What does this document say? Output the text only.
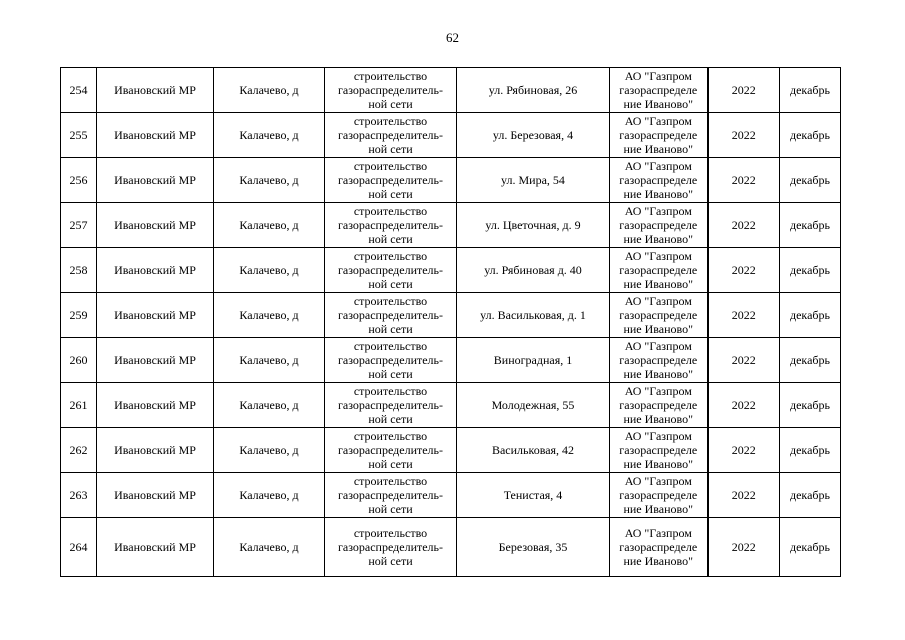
62
254	Ивановский МР	Калачево, д	строительство
газораспределитель-
ной сети	ул. Рябиновая, 26	АО "Газпром
газораспределе
ние Иваново"	2022	декабрь
255	Ивановский МР	Калачево, д	строительство
газораспределитель-
ной сети	ул. Березовая, 4	АО "Газпром
газораспределе
ние Иваново"	2022	декабрь
256	Ивановский МР	Калачево, д	строительство
газораспределитель-
ной сети	ул. Мира, 54	АО "Газпром
газораспределе
ние Иваново"	2022	декабрь
257	Ивановский МР	Калачево, д	строительство
газораспределитель-
ной сети	ул. Цветочная, д. 9	АО "Газпром
газораспределе
ние Иваново"	2022	декабрь
258	Ивановский МР	Калачево, д	строительство
газораспределитель-
ной сети	ул. Рябиновая д. 40	АО "Газпром
газораспределе
ние Иваново"	2022	декабрь
259	Ивановский МР	Калачево, д	строительство
газораспределитель-
ной сети	ул. Васильковая, д. 1	АО "Газпром
газораспределе
ние Иваново"	2022	декабрь
260	Ивановский МР	Калачево, д	строительство
газораспределитель-
ной сети	Виноградная, 1	АО "Газпром
газораспределе
ние Иваново"	2022	декабрь
261	Ивановский МР	Калачево, д	строительство
газораспределитель-
ной сети	Молодежная, 55	АО "Газпром
газораспределе
ние Иваново"	2022	декабрь
262	Ивановский МР	Калачево, д	строительство
газораспределитель-
ной сети	Васильковая, 42	АО "Газпром
газораспределе
ние Иваново"	2022	декабрь
263	Ивановский МР	Калачево, д	строительство
газораспределитель-
ной сети	Тенистая, 4	АО "Газпром
газораспределе
ние Иваново"	2022	декабрь
264	Ивановский МР	Калачево, д	строительство
газораспределитель-
ной сети	Березовая, 35	АО "Газпром
газораспределе
ние Иваново"	2022	декабрь
